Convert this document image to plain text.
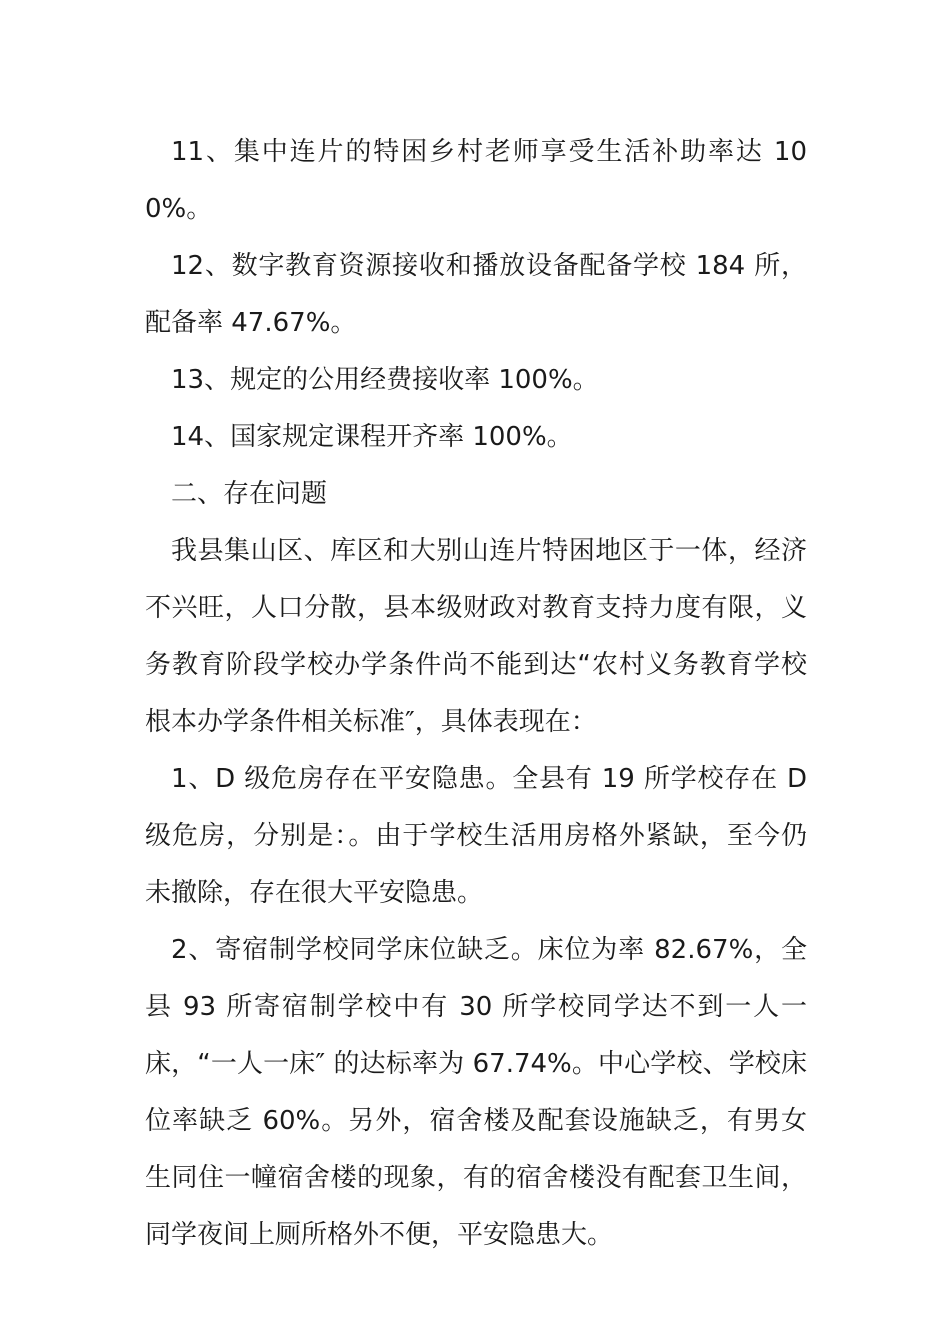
11、集中连片的特困乡村老师享受生活补助率达 100%。

12、数字教育资源接收和播放设备配备学校 184 所，配备率 47.67%。

13、规定的公用经费接收率 100%。

14、国家规定课程开齐率 100%。

二、存在问题

我县集山区、库区和大别山连片特困地区于一体，经济不兴旺，人口分散，县本级财政对教育支持力度有限，义务教育阶段学校办学条件尚不能到达“农村义务教育学校根本办学条件相关标准″，具体表现在：

1、D 级危房存在平安隐患。全县有 19 所学校存在 D 级危房，分别是：。由于学校生活用房格外紧缺，至今仍未撤除，存在很大平安隐患。

2、寄宿制学校同学床位缺乏。床位为率 82.67%，全县 93 所寄宿制学校中有 30 所学校同学达不到一人一床，“一人一床″ 的达标率为 67.74%。中心学校、学校床位率缺乏 60%。另外，宿舍楼及配套设施缺乏，有男女生同住一幢宿舍楼的现象，有的宿舍楼没有配套卫生间，同学夜间上厕所格外不便，平安隐患大。
